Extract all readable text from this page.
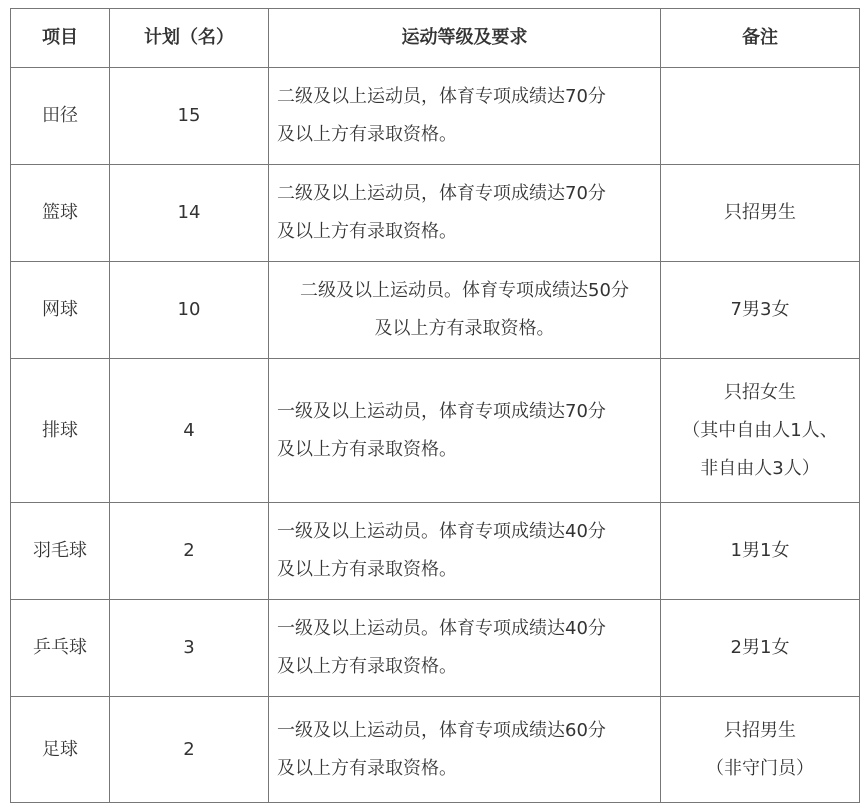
项目	计划（名）	运动等级及要求	备注
田径	15	二级及以上运动员，体育专项成绩达70分
及以上方有录取资格。	

篮球	14	二级及以上运动员，体育专项成绩达70分
及以上方有录取资格。	只招男生

网球	10	二级及以上运动员。体育专项成绩达50分
及以上方有录取资格。	7男3女

排球	4	一级及以上运动员，体育专项成绩达70分
及以上方有录取资格。	只招女生
（其中自由人1人、
非自由人3人）

羽毛球	2	一级及以上运动员。体育专项成绩达40分
及以上方有录取资格。	1男1女

乒乓球	3	一级及以上运动员。体育专项成绩达40分
及以上方有录取资格。	2男1女

足球	2	一级及以上运动员，体育专项成绩达60分
及以上方有录取资格。	只招男生
（非守门员）
